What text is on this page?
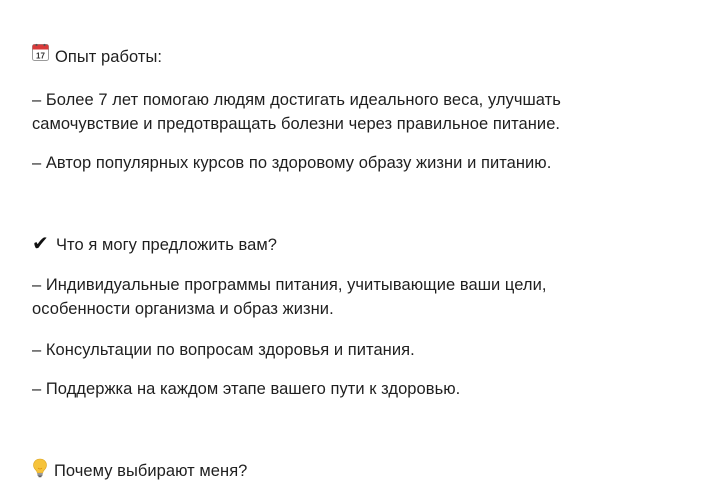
17 Опыт работы:
– Более 7 лет помогаю людям достигать идеального веса, улучшать
самочувствие и предотвращать болезни через правильное питание.
– Автор популярных курсов по здоровому образу жизни и питанию.
✔ Что я могу предложить вам?
– Индивидуальные программы питания, учитывающие ваши цели,
особенности организма и образ жизни.
– Консультации по вопросам здоровья и питания.
– Поддержка на каждом этапе вашего пути к здоровью.
Почему выбирают меня?
